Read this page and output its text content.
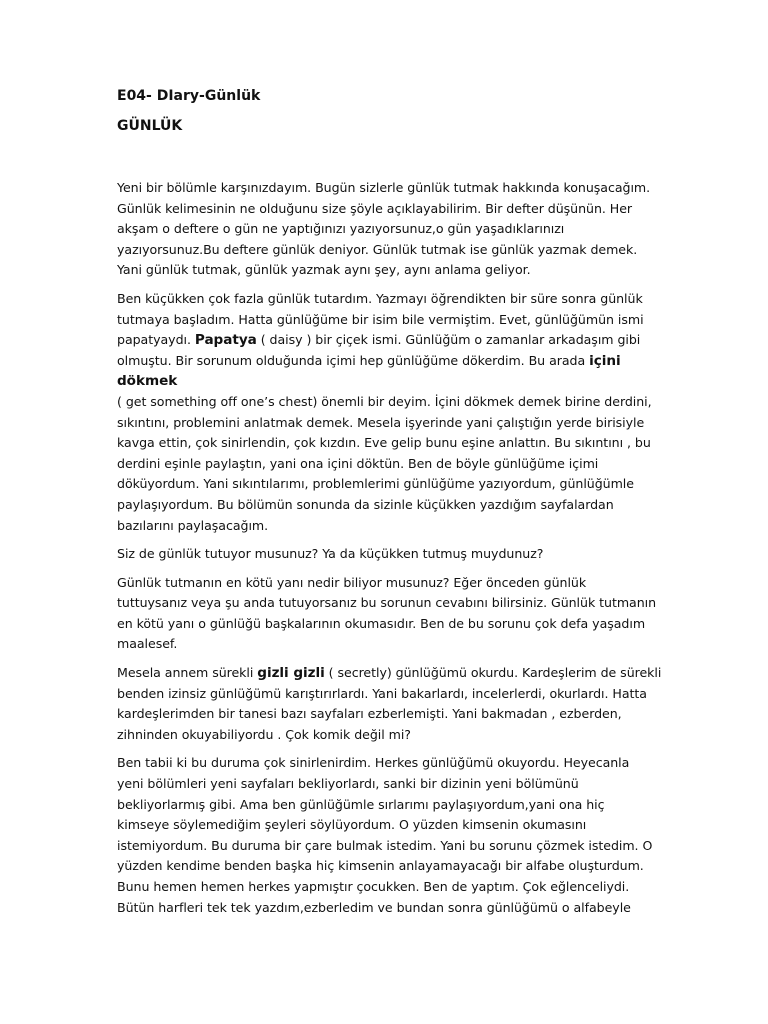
E04- DIary-Günlük

GÜNLÜK

Yeni bir bölümle karşınızdayım. Bugün sizlerle günlük tutmak hakkında konuşacağım.
Günlük kelimesinin ne olduğunu size şöyle açıklayabilirim. Bir defter düşünün. Her
akşam o deftere o gün ne yaptığınızı yazıyorsunuz,o gün yaşadıklarınızı
yazıyorsunuz.Bu deftere günlük deniyor. Günlük tutmak ise günlük yazmak demek.
Yani günlük tutmak, günlük yazmak aynı şey, aynı anlama geliyor.

Ben küçükken çok fazla günlük tutardım. Yazmayı öğrendikten bir süre sonra günlük
tutmaya başladım. Hatta günlüğüme bir isim bile vermiştim. Evet, günlüğümün ismi
papatyaydı. Papatya ( daisy ) bir çiçek ismi. Günlüğüm o zamanlar arkadaşım gibi
olmuştu. Bir sorunum olduğunda içimi hep günlüğüme dökerdim. Bu arada içini
dökmek
( get something off one’s chest) önemli bir deyim. İçini dökmek demek birine derdini,
sıkıntını, problemini anlatmak demek. Mesela işyerinde yani çalıştığın yerde birisiyle
kavga ettin, çok sinirlendin, çok kızdın. Eve gelip bunu eşine anlattın. Bu sıkıntını , bu
derdini eşinle paylaştın, yani ona içini döktün. Ben de böyle günlüğüme içimi
döküyordum. Yani sıkıntılarımı, problemlerimi günlüğüme yazıyordum, günlüğümle
paylaşıyordum. Bu bölümün sonunda da sizinle küçükken yazdığım sayfalardan
bazılarını paylaşacağım.

Siz de günlük tutuyor musunuz? Ya da küçükken tutmuş muydunuz?

Günlük tutmanın en kötü yanı nedir biliyor musunuz? Eğer önceden günlük
tuttuysanız veya şu anda tutuyorsanız bu sorunun cevabını bilirsiniz. Günlük tutmanın
en kötü yanı o günlüğü başkalarının okumasıdır. Ben de bu sorunu çok defa yaşadım
maalesef.

Mesela annem sürekli gizli gizli ( secretly) günlüğümü okurdu. Kardeşlerim de sürekli
benden izinsiz günlüğümü karıştırırlardı. Yani bakarlardı, incelerlerdi, okurlardı. Hatta
kardeşlerimden bir tanesi bazı sayfaları ezberlemişti. Yani bakmadan , ezberden,
zihninden okuyabiliyordu . Çok komik değil mi?

Ben tabii ki bu duruma çok sinirlenirdim. Herkes günlüğümü okuyordu. Heyecanla
yeni bölümleri yeni sayfaları bekliyorlardı, sanki bir dizinin yeni bölümünü
bekliyorlarmış gibi. Ama ben günlüğümle sırlarımı paylaşıyordum,yani ona hiç
kimseye söylemediğim şeyleri söylüyordum. O yüzden kimsenin okumasını
istemiyordum. Bu duruma bir çare bulmak istedim. Yani bu sorunu çözmek istedim. O
yüzden kendime benden başka hiç kimsenin anlayamayacağı bir alfabe oluşturdum.
Bunu hemen hemen herkes yapmıştır çocukken. Ben de yaptım. Çok eğlenceliydi.
Bütün harfleri tek tek yazdım,ezberledim ve bundan sonra günlüğümü o alfabeyle
